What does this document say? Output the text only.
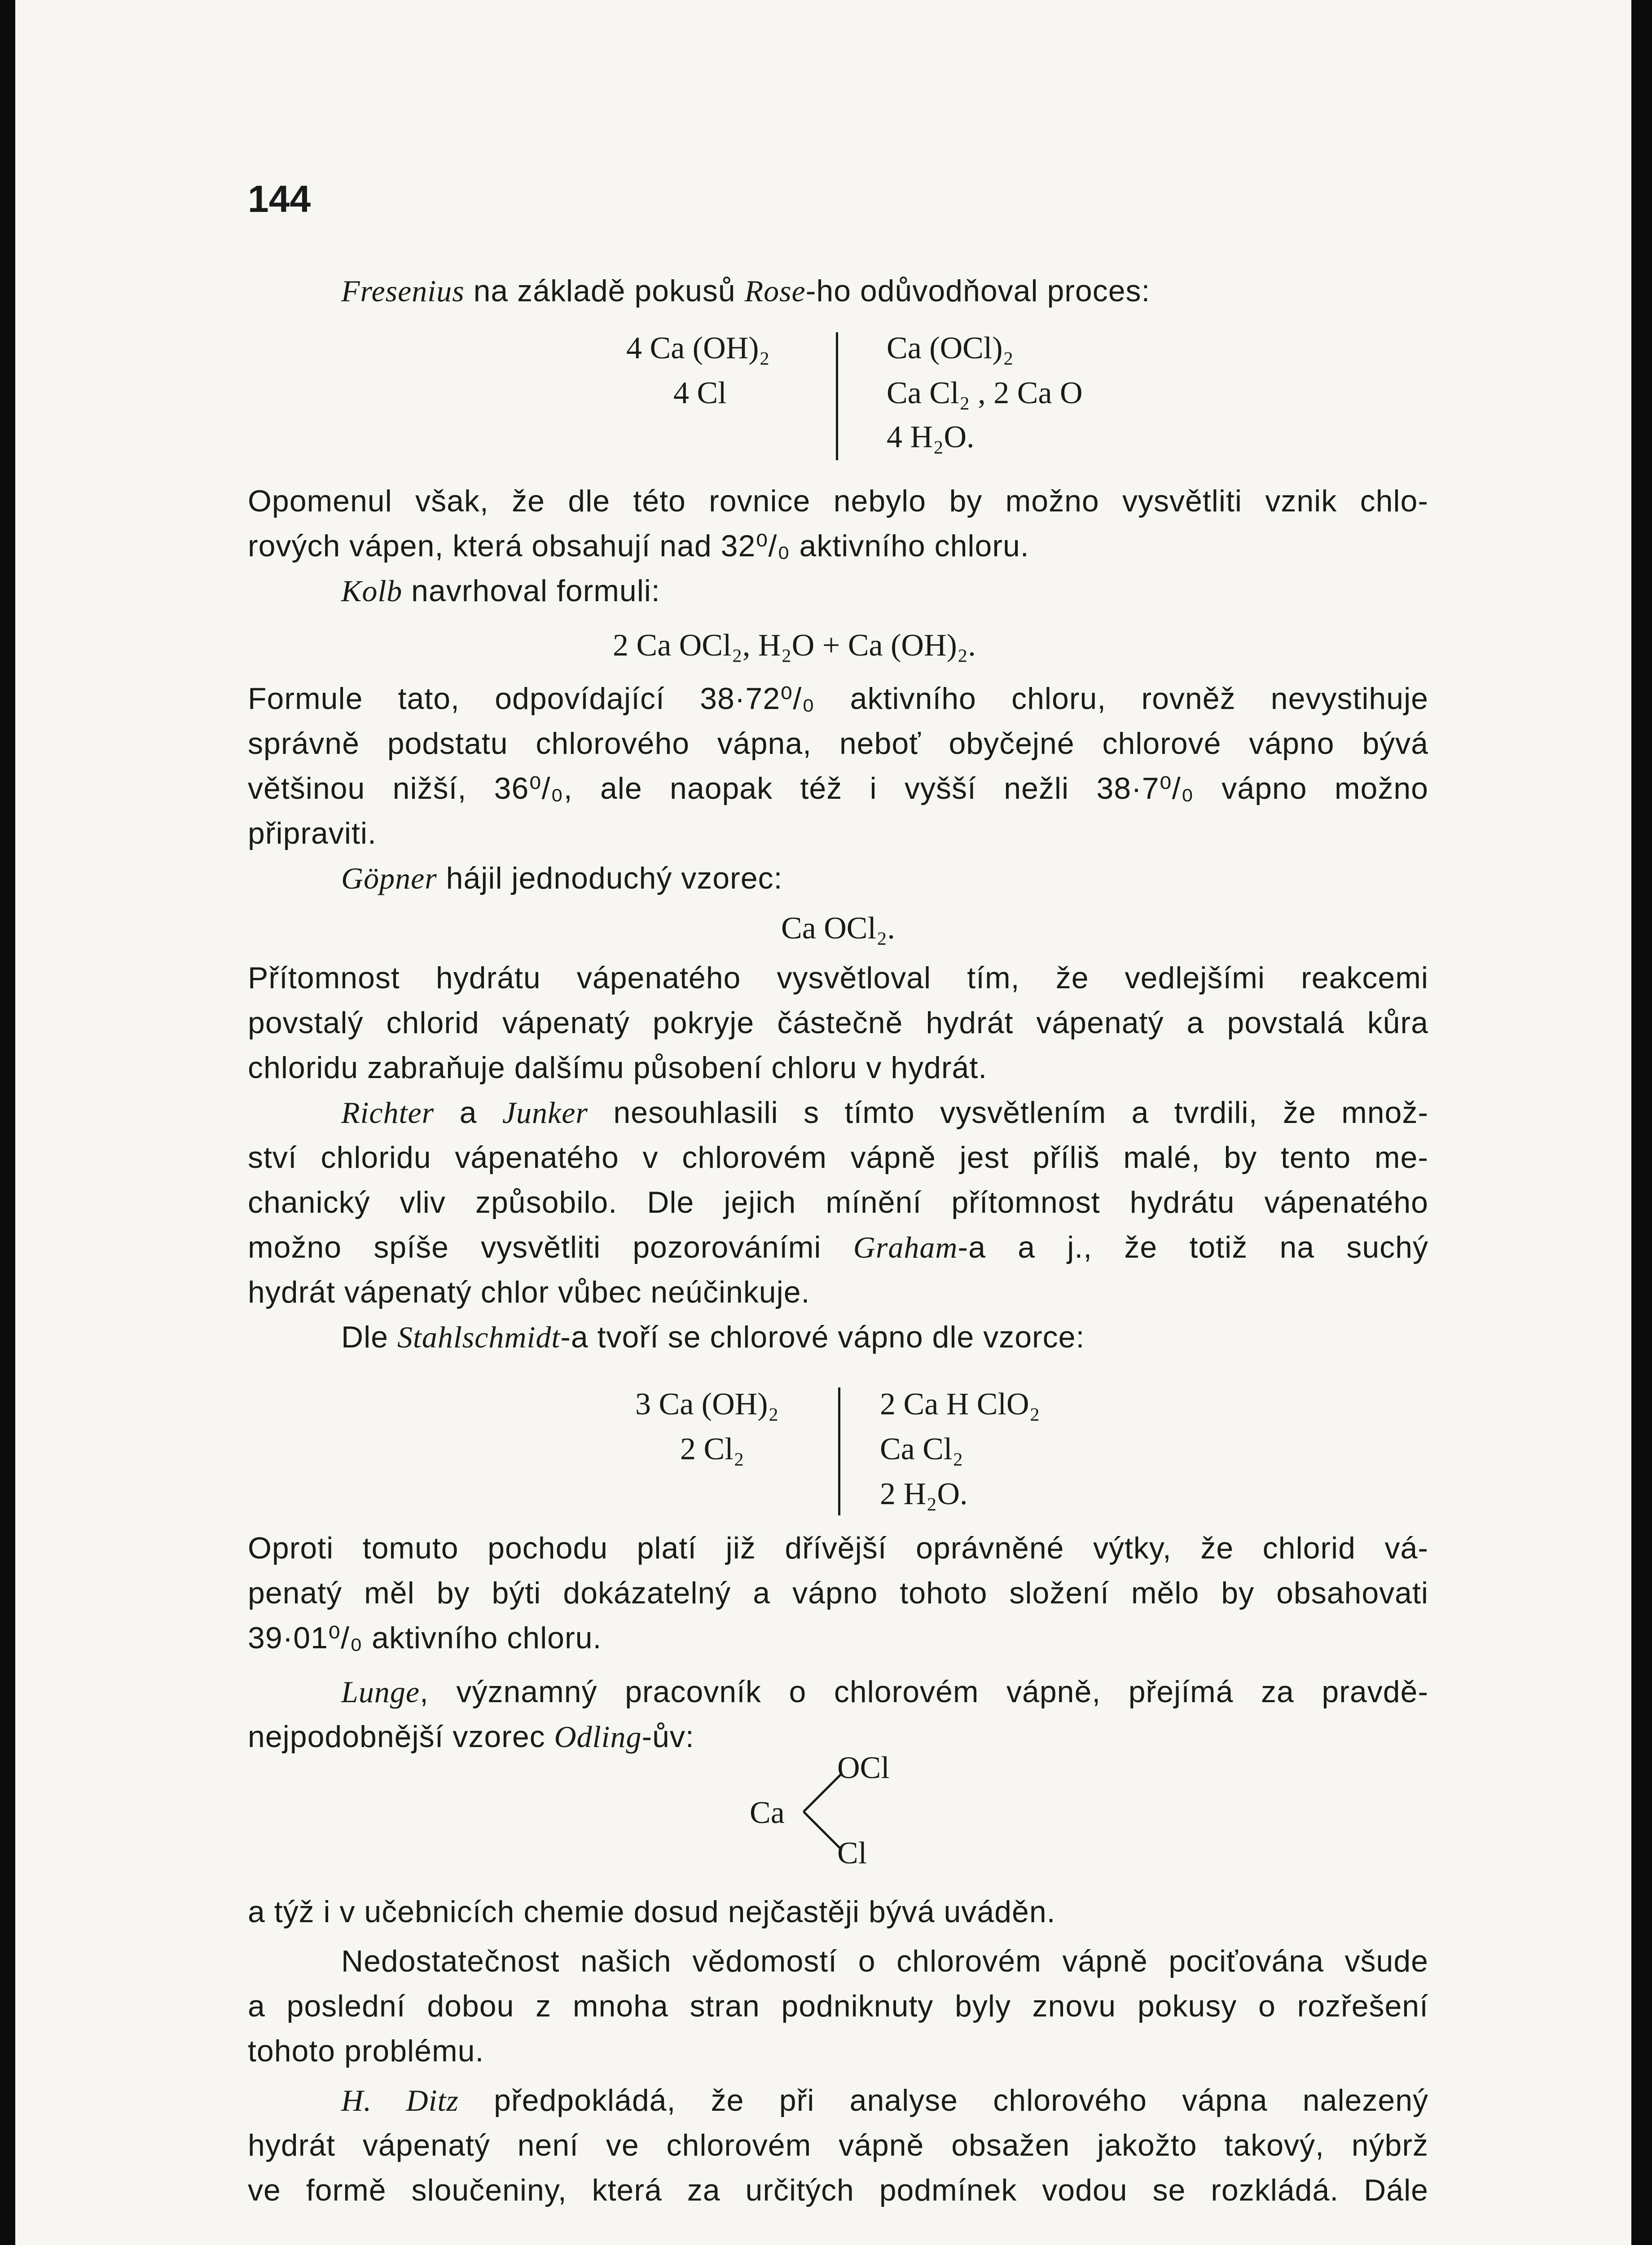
144
Fresenius na základě pokusů Rose-ho odůvodňoval proces:
4 Ca (OH)₂
4 Cl
Ca (OCl)₂
Ca Cl₂ , 2 Ca O
4 H₂O.
Opomenul však, že dle této rovnice nebylo by možno vysvětliti vznik chlo-
rových vápen, která obsahují nad 32⁰/₀ aktivního chloru.
Kolb navrhoval formuli:
2 Ca OCl₂, H₂O + Ca (OH)₂.
Formule tato, odpovídající 38·72⁰/₀ aktivního chloru, rovněž nevystihuje
správně podstatu chlorového vápna, neboť obyčejné chlorové vápno bývá
většinou nižší, 36⁰/₀, ale naopak též i vyšší nežli 38·7⁰/₀ vápno možno
připraviti.
Göpner hájil jednoduchý vzorec:
Ca OCl₂.
Přítomnost hydrátu vápenatého vysvětloval tím, že vedlejšími reakcemi
povstalý chlorid vápenatý pokryje částečně hydrát vápenatý a povstalá kůra
chloridu zabraňuje dalšímu působení chloru v hydrát.
Richter a Junker nesouhlasili s tímto vysvětlením a tvrdili, že množ-
ství chloridu vápenatého v chlorovém vápně jest příliš malé, by tento me-
chanický vliv způsobilo. Dle jejich mínění přítomnost hydrátu vápenatého
možno spíše vysvětliti pozorováními Graham-a a j., že totiž na suchý
hydrát vápenatý chlor vůbec neúčinkuje.
Dle Stahlschmidt-a tvoří se chlorové vápno dle vzorce:
3 Ca (OH)₂
2 Cl₂
2 Ca H ClO₂
Ca Cl₂
2 H₂O.
Oproti tomuto pochodu platí již dřívější oprávněné výtky, že chlorid vá-
penatý měl by býti dokázatelný a vápno tohoto složení mělo by obsahovati
39·01⁰/₀ aktivního chloru.
Lunge, významný pracovník o chlorovém vápně, přejímá za pravdě-
nejpodobnější vzorec Odling-ův:
Ca
OCl
Cl
a týž i v učebnicích chemie dosud nejčastěji bývá uváděn.
Nedostatečnost našich vědomostí o chlorovém vápně pociťována všude
a poslední dobou z mnoha stran podniknuty byly znovu pokusy o rozřešení
tohoto problému.
H. Ditz předpokládá, že při analyse chlorového vápna nalezený
hydrát vápenatý není ve chlorovém vápně obsažen jakožto takový, nýbrž
ve formě sloučeniny, která za určitých podmínek vodou se rozkládá. Dále
